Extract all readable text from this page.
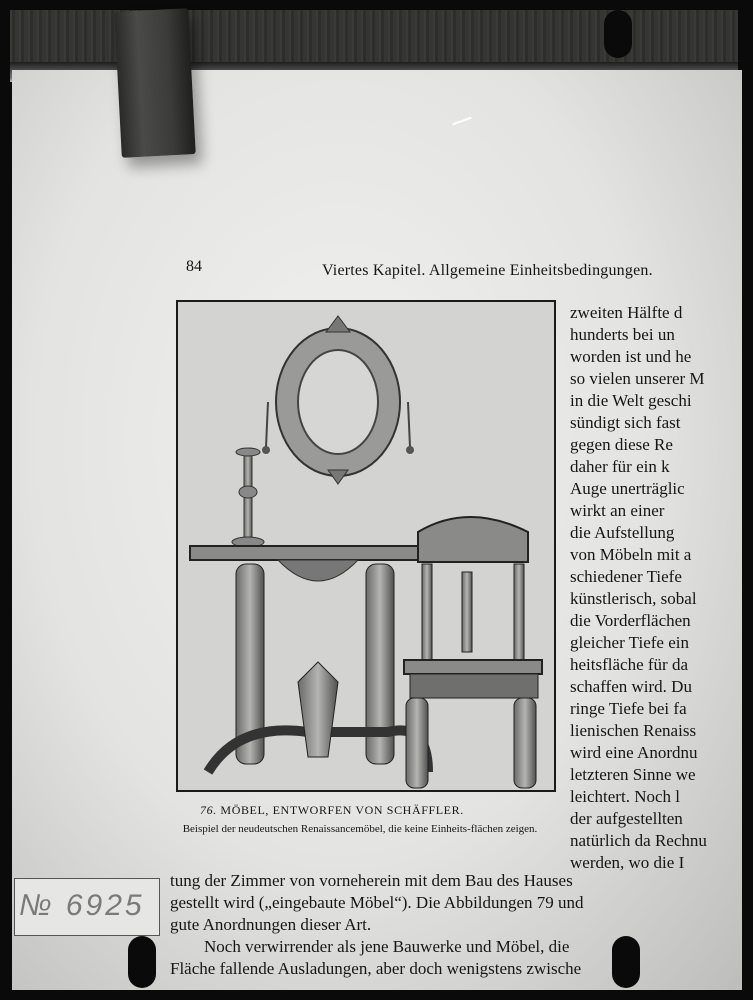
84	Viertes Kapitel. Allgemeine Einheitsbedingungen.
76. MÖBEL, ENTWORFEN VON SCHÄFFLER.
Beispiel der neudeutschen Renaissancemöbel, die keine Einheits-flächen zeigen.
zweiten Hälfte d
hunderts bei un
worden ist und he
so vielen unserer M
in die Welt geschi
sündigt sich fast
gegen diese Re
daher für ein k
Auge unerträglic
wirkt an einer
die Aufstellung
von Möbeln mit a
schiedener Tiefe
künstlerisch, sobal
die Vorderflächen
gleicher Tiefe ein
heitsfläche für da
schaffen wird. Du
ringe Tiefe bei fa
lienischen Renaiss
wird eine Anordnu
letzteren Sinne we
leichtert. Noch l
der aufgestellten
natürlich da Rechnu
werden, wo die I
tung der Zimmer von vorneherein mit dem Bau des Hauses
gestellt wird („eingebaute Möbel“). Die Abbildungen 79 und
gute Anordnungen dieser Art.
Noch verwirrender als jene Bauwerke und Möbel, die
Fläche fallende Ausladungen, aber doch wenigstens zwische
№ 6925
